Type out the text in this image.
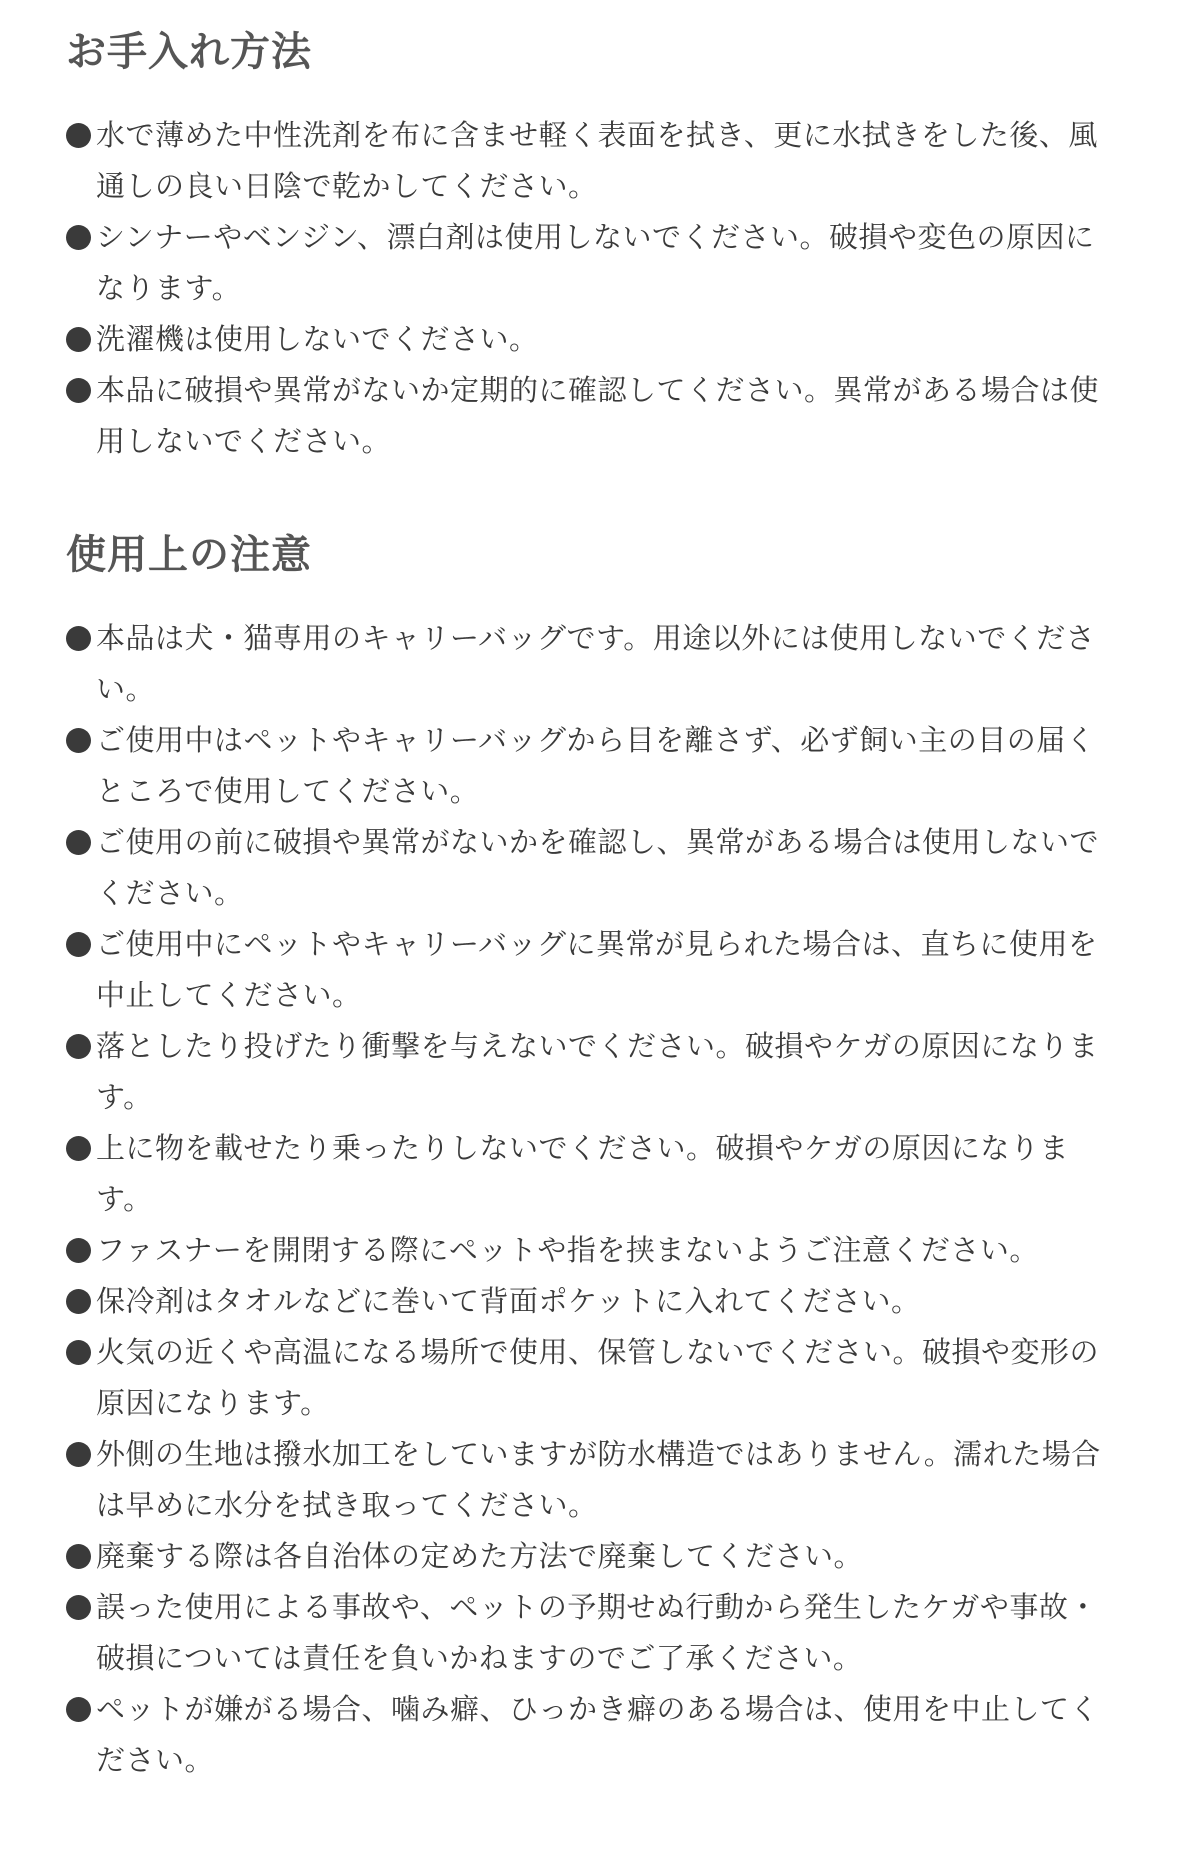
お手入れ方法
水で薄めた中性洗剤を布に含ませ軽く表面を拭き、更に水拭きをした後、風通しの良い日陰で乾かしてください。
シンナーやベンジン、漂白剤は使用しないでください。破損や変色の原因になります。
洗濯機は使用しないでください。
本品に破損や異常がないか定期的に確認してください。異常がある場合は使用しないでください。
使用上の注意
本品は犬・猫専用のキャリーバッグです。用途以外には使用しないでください。
ご使用中はペットやキャリーバッグから目を離さず、必ず飼い主の目の届くところで使用してください。
ご使用の前に破損や異常がないかを確認し、異常がある場合は使用しないでください。
ご使用中にペットやキャリーバッグに異常が見られた場合は、直ちに使用を中止してください。
落としたり投げたり衝撃を与えないでください。破損やケガの原因になります。
上に物を載せたり乗ったりしないでください。破損やケガの原因になります。
ファスナーを開閉する際にペットや指を挟まないようご注意ください。
保冷剤はタオルなどに巻いて背面ポケットに入れてください。
火気の近くや高温になる場所で使用、保管しないでください。破損や変形の原因になります。
外側の生地は撥水加工をしていますが防水構造ではありません。濡れた場合は早めに水分を拭き取ってください。
廃棄する際は各自治体の定めた方法で廃棄してください。
誤った使用による事故や、ペットの予期せぬ行動から発生したケガや事故・破損については責任を負いかねますのでご了承ください。
ペットが嫌がる場合、噛み癖、ひっかき癖のある場合は、使用を中止してください。
